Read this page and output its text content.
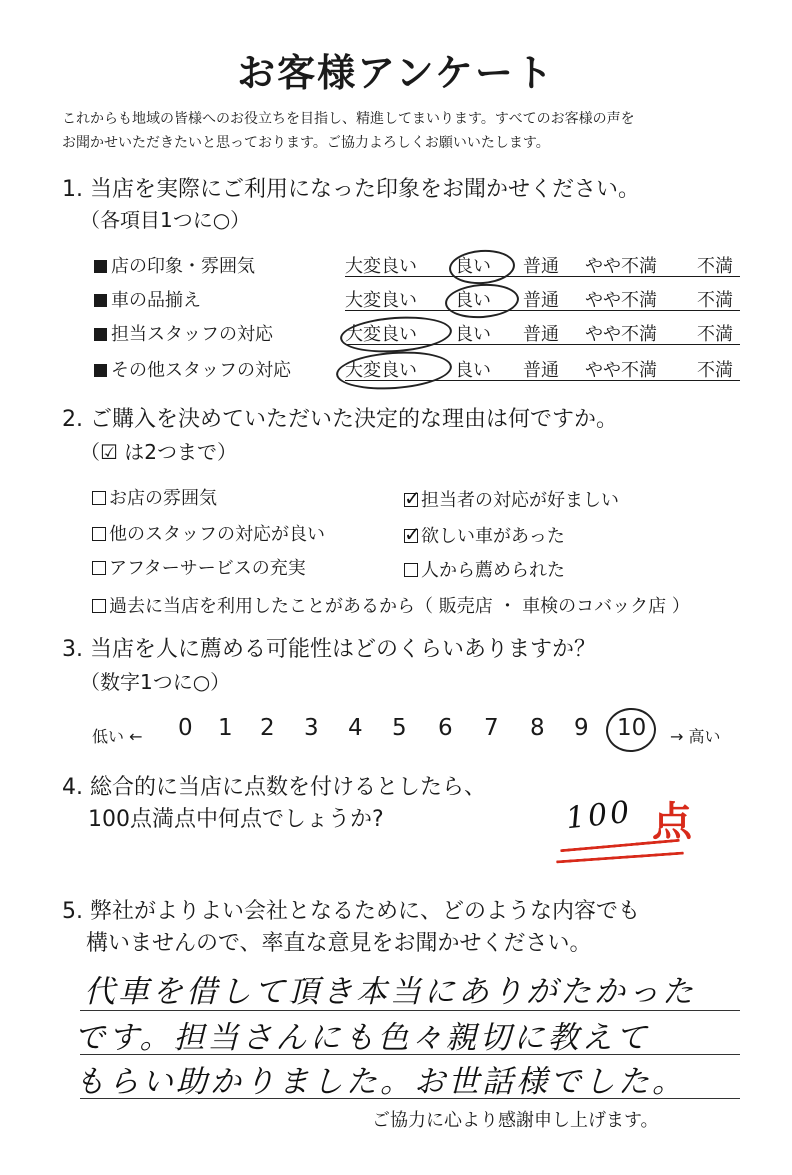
お客様アンケート
これからも地域の皆様へのお役立ちを目指し、精進してまいります。すべてのお客様の声を
お聞かせいただきたいと思っております。ご協力よろしくお願いいたします。
1. 当店を実際にご利用になった印象をお聞かせください。
（各項目1つに○）
店の印象・雰囲気	大変良い 良い 普通 やや不満 不満
車の品揃え	大変良い 良い 普通 やや不満 不満
担当スタッフの対応	大変良い 良い 普通 やや不満 不満
その他スタッフの対応	大変良い 良い 普通 やや不満 不満
2. ご購入を決めていただいた決定的な理由は何ですか。
（☑ は2つまで）
お店の雰囲気	✓ 担当者の対応が好ましい
他のスタッフの対応が良い	✓ 欲しい車があった
アフターサービスの充実	人から薦められた
過去に当店を利用したことがあるから（ 販売店 ・ 車検のコバック店 ）
3. 当店を人に薦める可能性はどのくらいありますか？
（数字1つに○）
低い ← 0 1 2 3 4 5 6 7 8 9 10 → 高い
4. 総合的に当店に点数を付けるとしたら、
100点満点中何点でしょうか?	100 点
5. 弊社がよりよい会社となるために、どのような内容でも
構いませんので、率直な意見をお聞かせください。
代車を借して頂き本当にありがたかった
です。担当さんにも色々親切に教えて
もらい助かりました。お世話様でした。
ご協力に心より感謝申し上げます。
